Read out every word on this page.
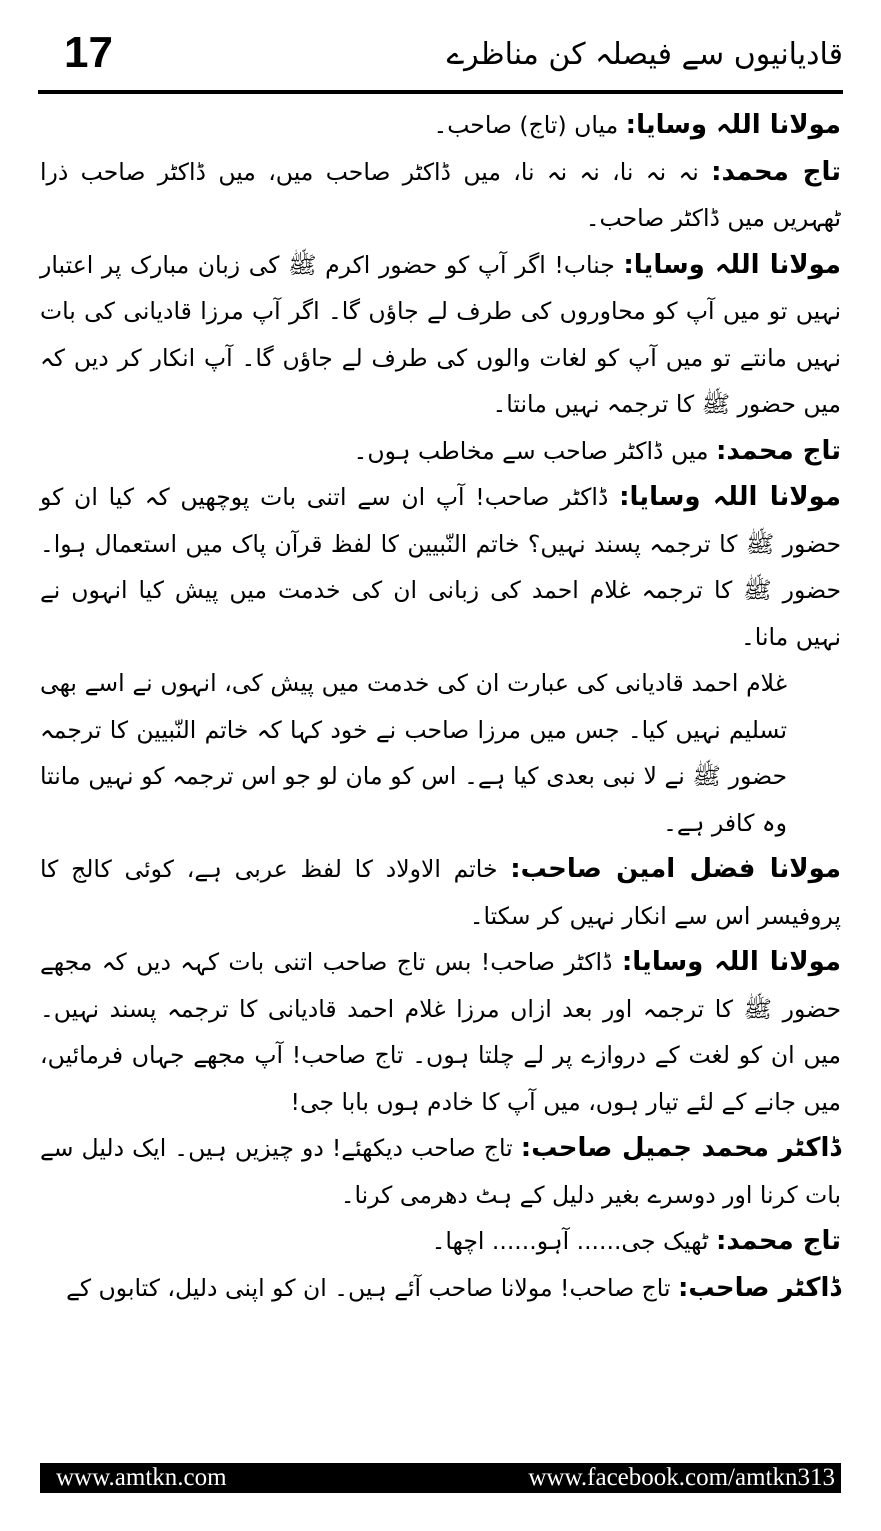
17	قادیانیوں سے فیصلہ کن مناظرے

مولانا اللہ وسایا: میاں (تاج) صاحب۔

تاج محمد: نہ نہ نا، نہ نہ نا، میں ڈاکٹر صاحب میں، میں ڈاکٹر صاحب ذرا ٹھہریں میں ڈاکٹر صاحب۔

مولانا اللہ وسایا: جناب! اگر آپ کو حضور اکرم ﷺ کی زبان مبارک پر اعتبار نہیں تو میں آپ کو محاوروں کی طرف لے جاؤں گا۔ اگر آپ مرزا قادیانی کی بات نہیں مانتے تو میں آپ کو لغات والوں کی طرف لے جاؤں گا۔ آپ انکار کر دیں کہ میں حضور ﷺ کا ترجمہ نہیں مانتا۔

تاج محمد: میں ڈاکٹر صاحب سے مخاطب ہوں۔

مولانا اللہ وسایا: ڈاکٹر صاحب! آپ ان سے اتنی بات پوچھیں کہ کیا ان کو حضور ﷺ کا ترجمہ پسند نہیں؟ خاتم النّبیین کا لفظ قرآن پاک میں استعمال ہوا۔ حضور ﷺ کا ترجمہ غلام احمد کی زبانی ان کی خدمت میں پیش کیا انہوں نے نہیں مانا۔

غلام احمد قادیانی کی عبارت ان کی خدمت میں پیش کی، انہوں نے اسے بھی تسلیم نہیں کیا۔ جس میں مرزا صاحب نے خود کہا کہ خاتم النّبیین کا ترجمہ حضور ﷺ نے لا نبی بعدی کیا ہے۔ اس کو مان لو جو اس ترجمہ کو نہیں مانتا وہ کافر ہے۔

مولانا فضل امین صاحب: خاتم الاولاد کا لفظ عربی ہے، کوئی کالج کا پروفیسر اس سے انکار نہیں کر سکتا۔

مولانا اللہ وسایا: ڈاکٹر صاحب! بس تاج صاحب اتنی بات کہہ دیں کہ مجھے حضور ﷺ کا ترجمہ اور بعد ازاں مرزا غلام احمد قادیانی کا ترجمہ پسند نہیں۔ میں ان کو لغت کے دروازے پر لے چلتا ہوں۔ تاج صاحب! آپ مجھے جہاں فرمائیں، میں جانے کے لئے تیار ہوں، میں آپ کا خادم ہوں بابا جی!

ڈاکٹر محمد جمیل صاحب: تاج صاحب دیکھئے! دو چیزیں ہیں۔ ایک دلیل سے بات کرنا اور دوسرے بغیر دلیل کے ہٹ دھرمی کرنا۔

تاج محمد: ٹھیک جی...... آہو...... اچھا۔

ڈاکٹر صاحب: تاج صاحب! مولانا صاحب آئے ہیں۔ ان کو اپنی دلیل، کتابوں کے

www.amtkn.com	www.facebook.com/amtkn313
